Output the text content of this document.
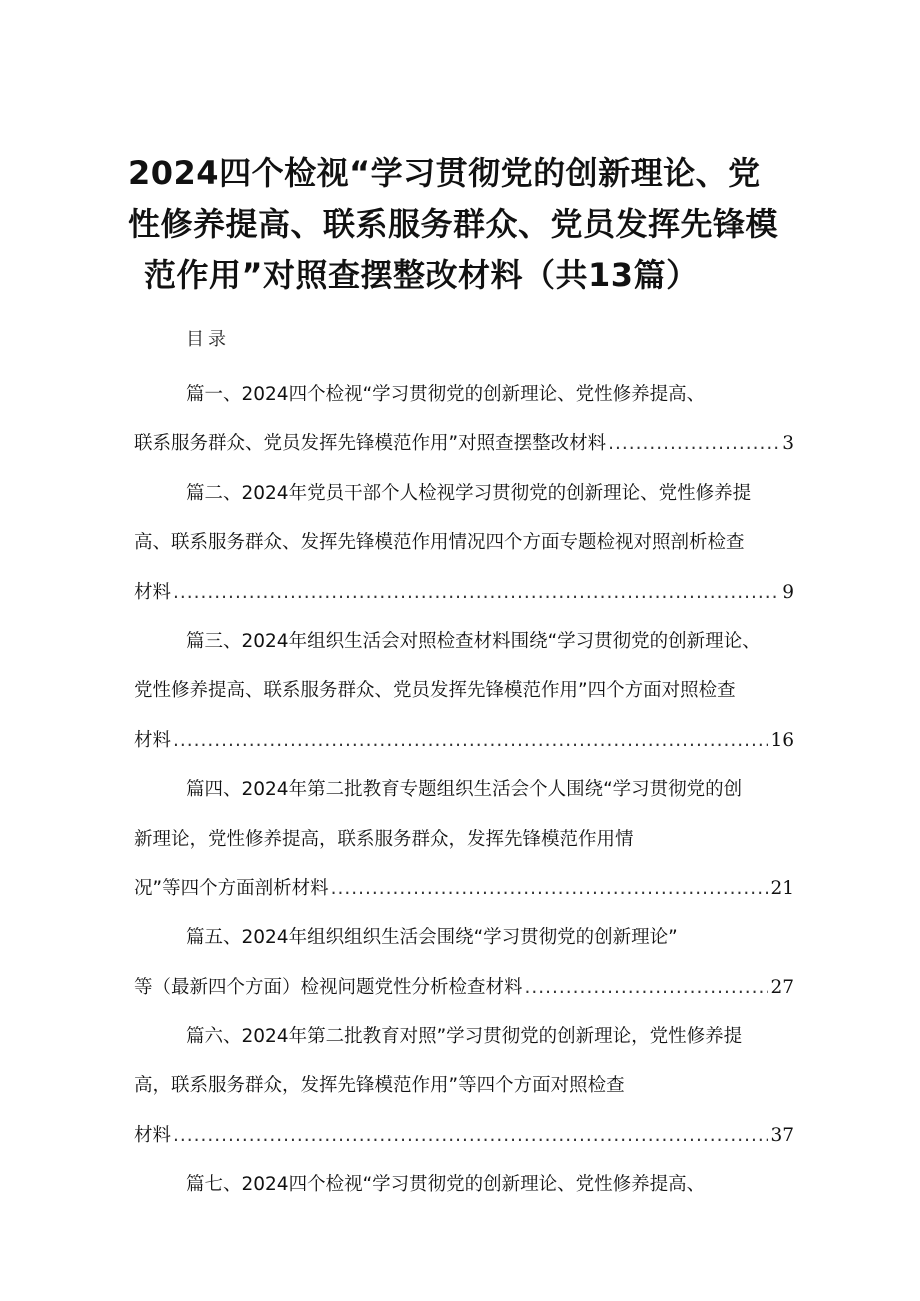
2024四个检视“学习贯彻党的创新理论、党
性修养提高、联系服务群众、党员发挥先锋模
范作用”对照查摆整改材料（共13篇）
目录
篇一、2024四个检视“学习贯彻党的创新理论、党性修养提高、
联系服务群众、党员发挥先锋模范作用”对照查摆整改材料 .....	3
篇二、2024年党员干部个人检视学习贯彻党的创新理论、党性修养提
高、联系服务群众、发挥先锋模范作用情况四个方面专题检视对照剖析检查
材料 .....	9
篇三、2024年组织生活会对照检查材料围绕“学习贯彻党的创新理论、
党性修养提高、联系服务群众、党员发挥先锋模范作用”四个方面对照检查
材料 .....	16
篇四、2024年第二批教育专题组织生活会个人围绕“学习贯彻党的创
新理论，党性修养提高，联系服务群众，发挥先锋模范作用情
况”等四个方面剖析材料 .....	21
篇五、2024年组织组织生活会围绕“学习贯彻党的创新理论”
等（最新四个方面）检视问题党性分析检查材料 .....	27
篇六、2024年第二批教育对照”学习贯彻党的创新理论，党性修养提
高，联系服务群众，发挥先锋模范作用”等四个方面对照检查
材料 .....	37
篇七、2024四个检视“学习贯彻党的创新理论、党性修养提高、
